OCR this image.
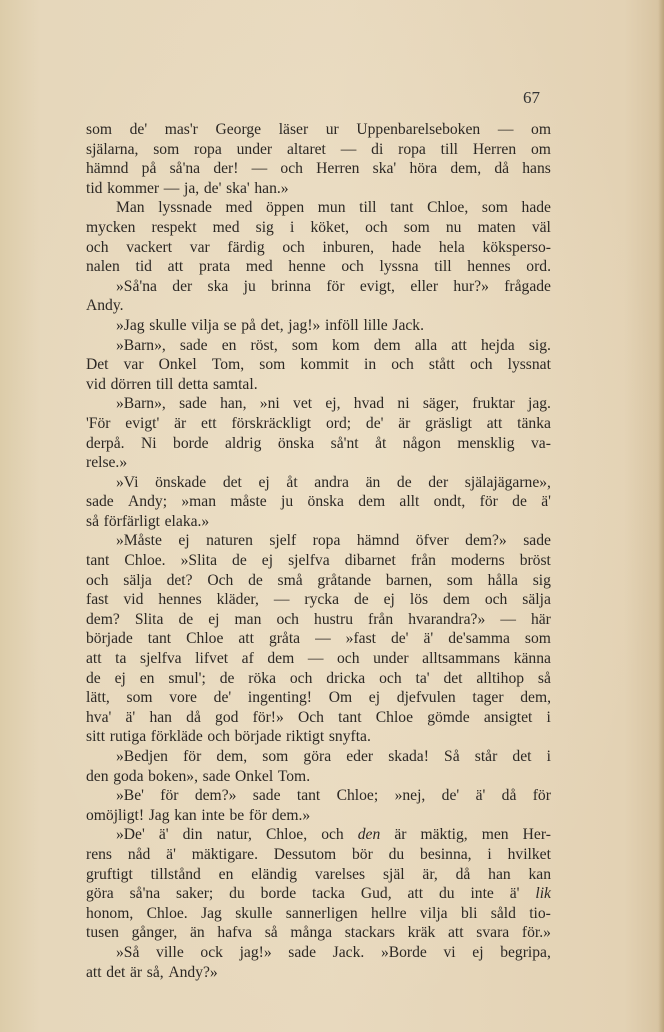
67
som de' mas'r George läser ur Uppenbarelseboken — om
själarna, som ropa under altaret — di ropa till Herren om
hämnd på så'na der! — och Herren ska' höra dem, då hans
tid kommer — ja, de' ska' han.»
Man lyssnade med öppen mun till tant Chloe, som hade
mycken respekt med sig i köket, och som nu maten väl
och vackert var färdig och inburen, hade hela köksperso-
nalen tid att prata med henne och lyssna till hennes ord.
»Så'na der ska ju brinna för evigt, eller hur?» frågade
Andy.
»Jag skulle vilja se på det, jag!» inföll lille Jack.
»Barn», sade en röst, som kom dem alla att hejda sig.
Det var Onkel Tom, som kommit in och stått och lyssnat
vid dörren till detta samtal.
»Barn», sade han, »ni vet ej, hvad ni säger, fruktar jag.
'För evigt' är ett förskräckligt ord; de' är gräsligt att tänka
derpå. Ni borde aldrig önska så'nt åt någon mensklig va-
relse.»
»Vi önskade det ej åt andra än de der själajägarne»,
sade Andy; »man måste ju önska dem allt ondt, för de ä'
så förfärligt elaka.»
»Måste ej naturen sjelf ropa hämnd öfver dem?» sade
tant Chloe. »Slita de ej sjelfva dibarnet från moderns bröst
och sälja det? Och de små gråtande barnen, som hålla sig
fast vid hennes kläder, — rycka de ej lös dem och sälja
dem? Slita de ej man och hustru från hvarandra?» — här
började tant Chloe att gråta — »fast de' ä' de'samma som
att ta sjelfva lifvet af dem — och under alltsammans känna
de ej en smul'; de röka och dricka och ta' det alltihop så
lätt, som vore de' ingenting! Om ej djefvulen tager dem,
hva' ä' han då god för!» Och tant Chloe gömde ansigtet i
sitt rutiga förkläde och började riktigt snyfta.
»Bedjen för dem, som göra eder skada! Så står det i
den goda boken», sade Onkel Tom.
»Be' för dem?» sade tant Chloe; »nej, de' ä' då för
omöjligt! Jag kan inte be för dem.»
»De' ä' din natur, Chloe, och den är mäktig, men Her-
rens nåd ä' mäktigare. Dessutom bör du besinna, i hvilket
gruftigt tillstånd en eländig varelses själ är, då han kan
göra så'na saker; du borde tacka Gud, att du inte ä' lik
honom, Chloe. Jag skulle sannerligen hellre vilja bli såld tio-
tusen gånger, än hafva så många stackars kräk att svara för.»
»Så ville ock jag!» sade Jack. »Borde vi ej begripa,
att det är så, Andy?»
